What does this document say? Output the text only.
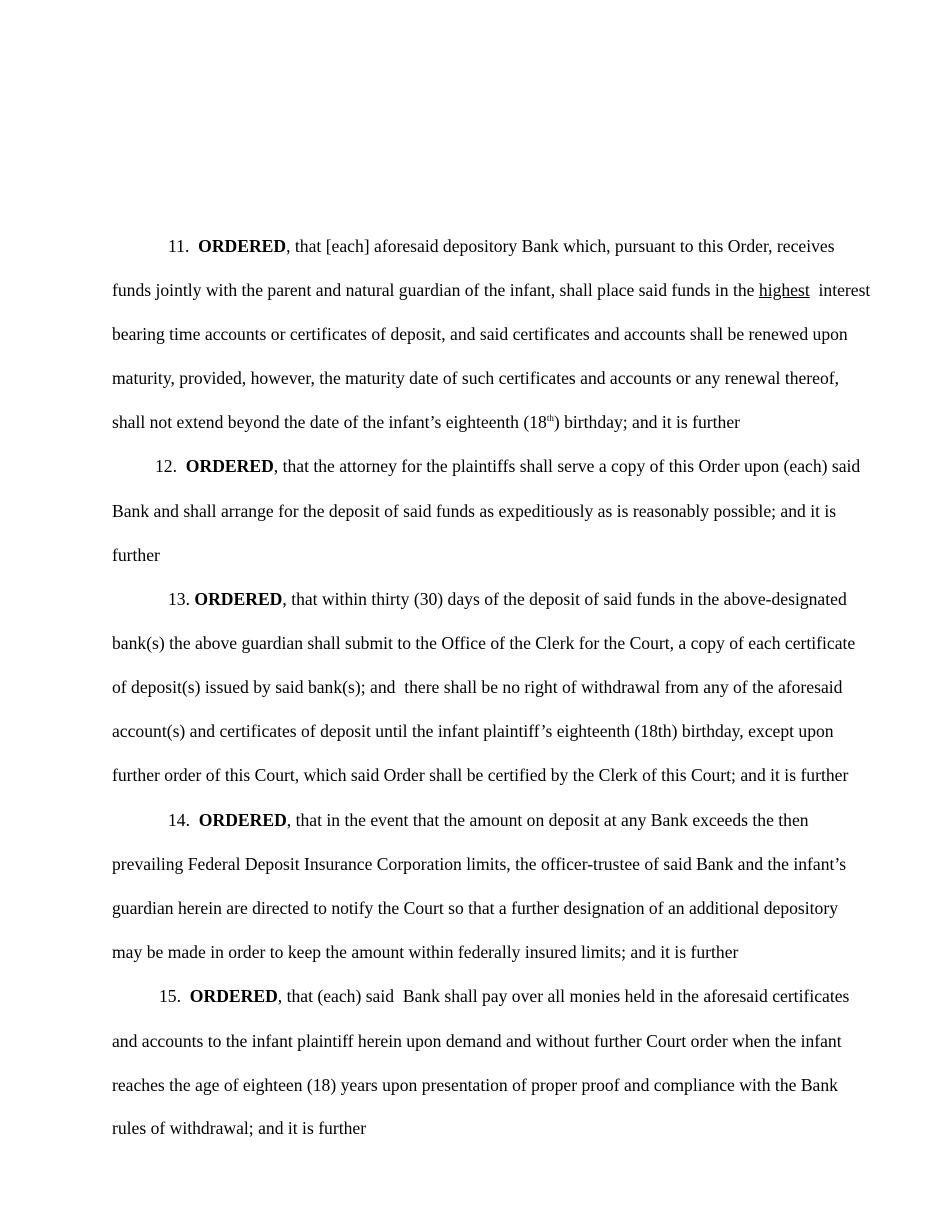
11. ORDERED, that [each] aforesaid depository Bank which, pursuant to this Order, receives
funds jointly with the parent and natural guardian of the infant, shall place said funds in the highest  interest
bearing time accounts or certificates of deposit, and said certificates and accounts shall be renewed upon
maturity, provided, however, the maturity date of such certificates and accounts or any renewal thereof,
shall not extend beyond the date of the infant’s eighteenth (18th) birthday; and it is further
12. ORDERED, that the attorney for the plaintiffs shall serve a copy of this Order upon (each) said
Bank and shall arrange for the deposit of said funds as expeditiously as is reasonably possible; and it is
further
13. ORDERED, that within thirty (30) days of the deposit of said funds in the above-designated
bank(s) the above guardian shall submit to the Office of the Clerk for the Court, a copy of each certificate
of deposit(s) issued by said bank(s); and  there shall be no right of withdrawal from any of the aforesaid
account(s) and certificates of deposit until the infant plaintiff’s eighteenth (18th) birthday, except upon
further order of this Court, which said Order shall be certified by the Clerk of this Court; and it is further
14. ORDERED, that in the event that the amount on deposit at any Bank exceeds the then
prevailing Federal Deposit Insurance Corporation limits, the officer-trustee of said Bank and the infant’s
guardian herein are directed to notify the Court so that a further designation of an additional depository
may be made in order to keep the amount within federally insured limits; and it is further
15. ORDERED, that (each) said  Bank shall pay over all monies held in the aforesaid certificates
and accounts to the infant plaintiff herein upon demand and without further Court order when the infant
reaches the age of eighteen (18) years upon presentation of proper proof and compliance with the Bank
rules of withdrawal; and it is further
